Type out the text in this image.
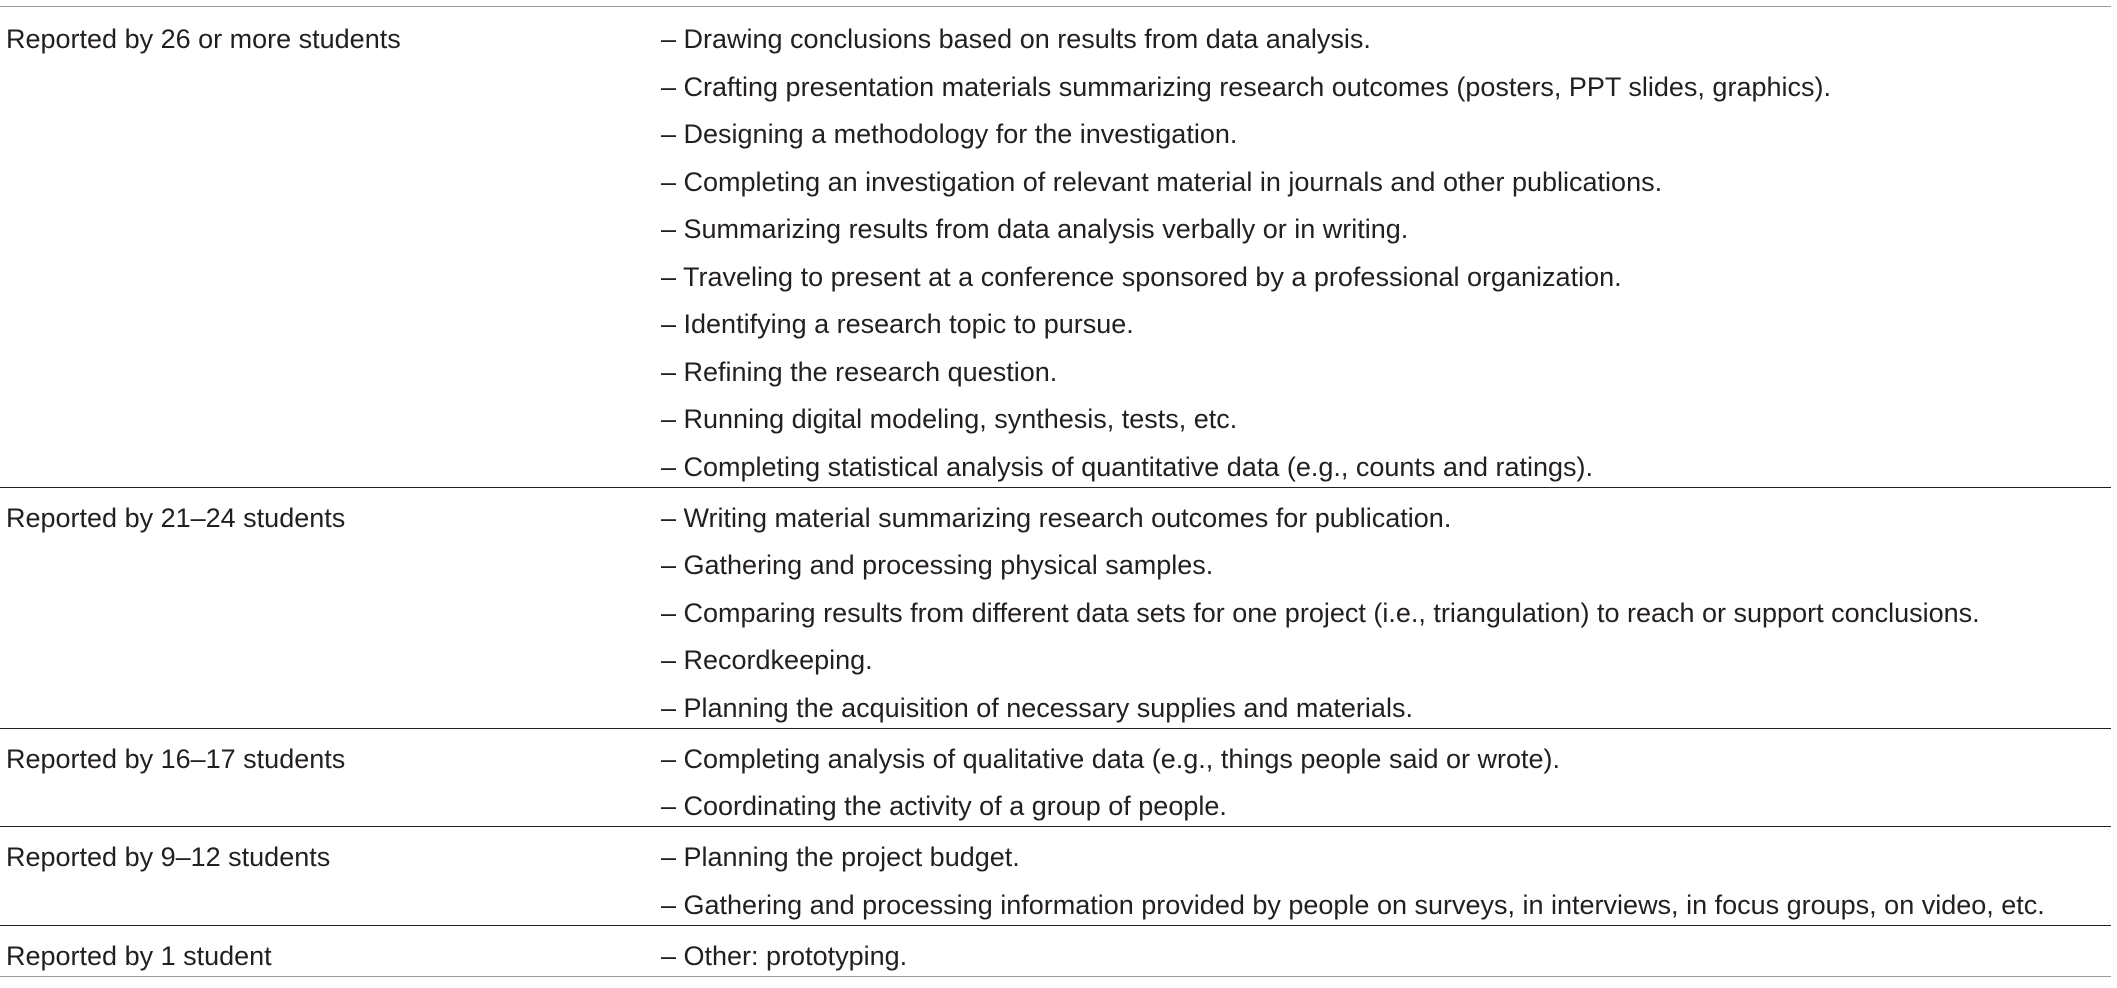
Reported by 26 or more students	– Drawing conclusions based on results from data analysis.
– Crafting presentation materials summarizing research outcomes (posters, PPT slides, graphics).
– Designing a methodology for the investigation.
– Completing an investigation of relevant material in journals and other publications.
– Summarizing results from data analysis verbally or in writing.
– Traveling to present at a conference sponsored by a professional organization.
– Identifying a research topic to pursue.
– Refining the research question.
– Running digital modeling, synthesis, tests, etc.
– Completing statistical analysis of quantitative data (e.g., counts and ratings).
Reported by 21–24 students	– Writing material summarizing research outcomes for publication.
– Gathering and processing physical samples.
– Comparing results from different data sets for one project (i.e., triangulation) to reach or support conclusions.
– Recordkeeping.
– Planning the acquisition of necessary supplies and materials.
Reported by 16–17 students	– Completing analysis of qualitative data (e.g., things people said or wrote).
– Coordinating the activity of a group of people.
Reported by 9–12 students	– Planning the project budget.
– Gathering and processing information provided by people on surveys, in interviews, in focus groups, on video, etc.
Reported by 1 student	– Other: prototyping.
